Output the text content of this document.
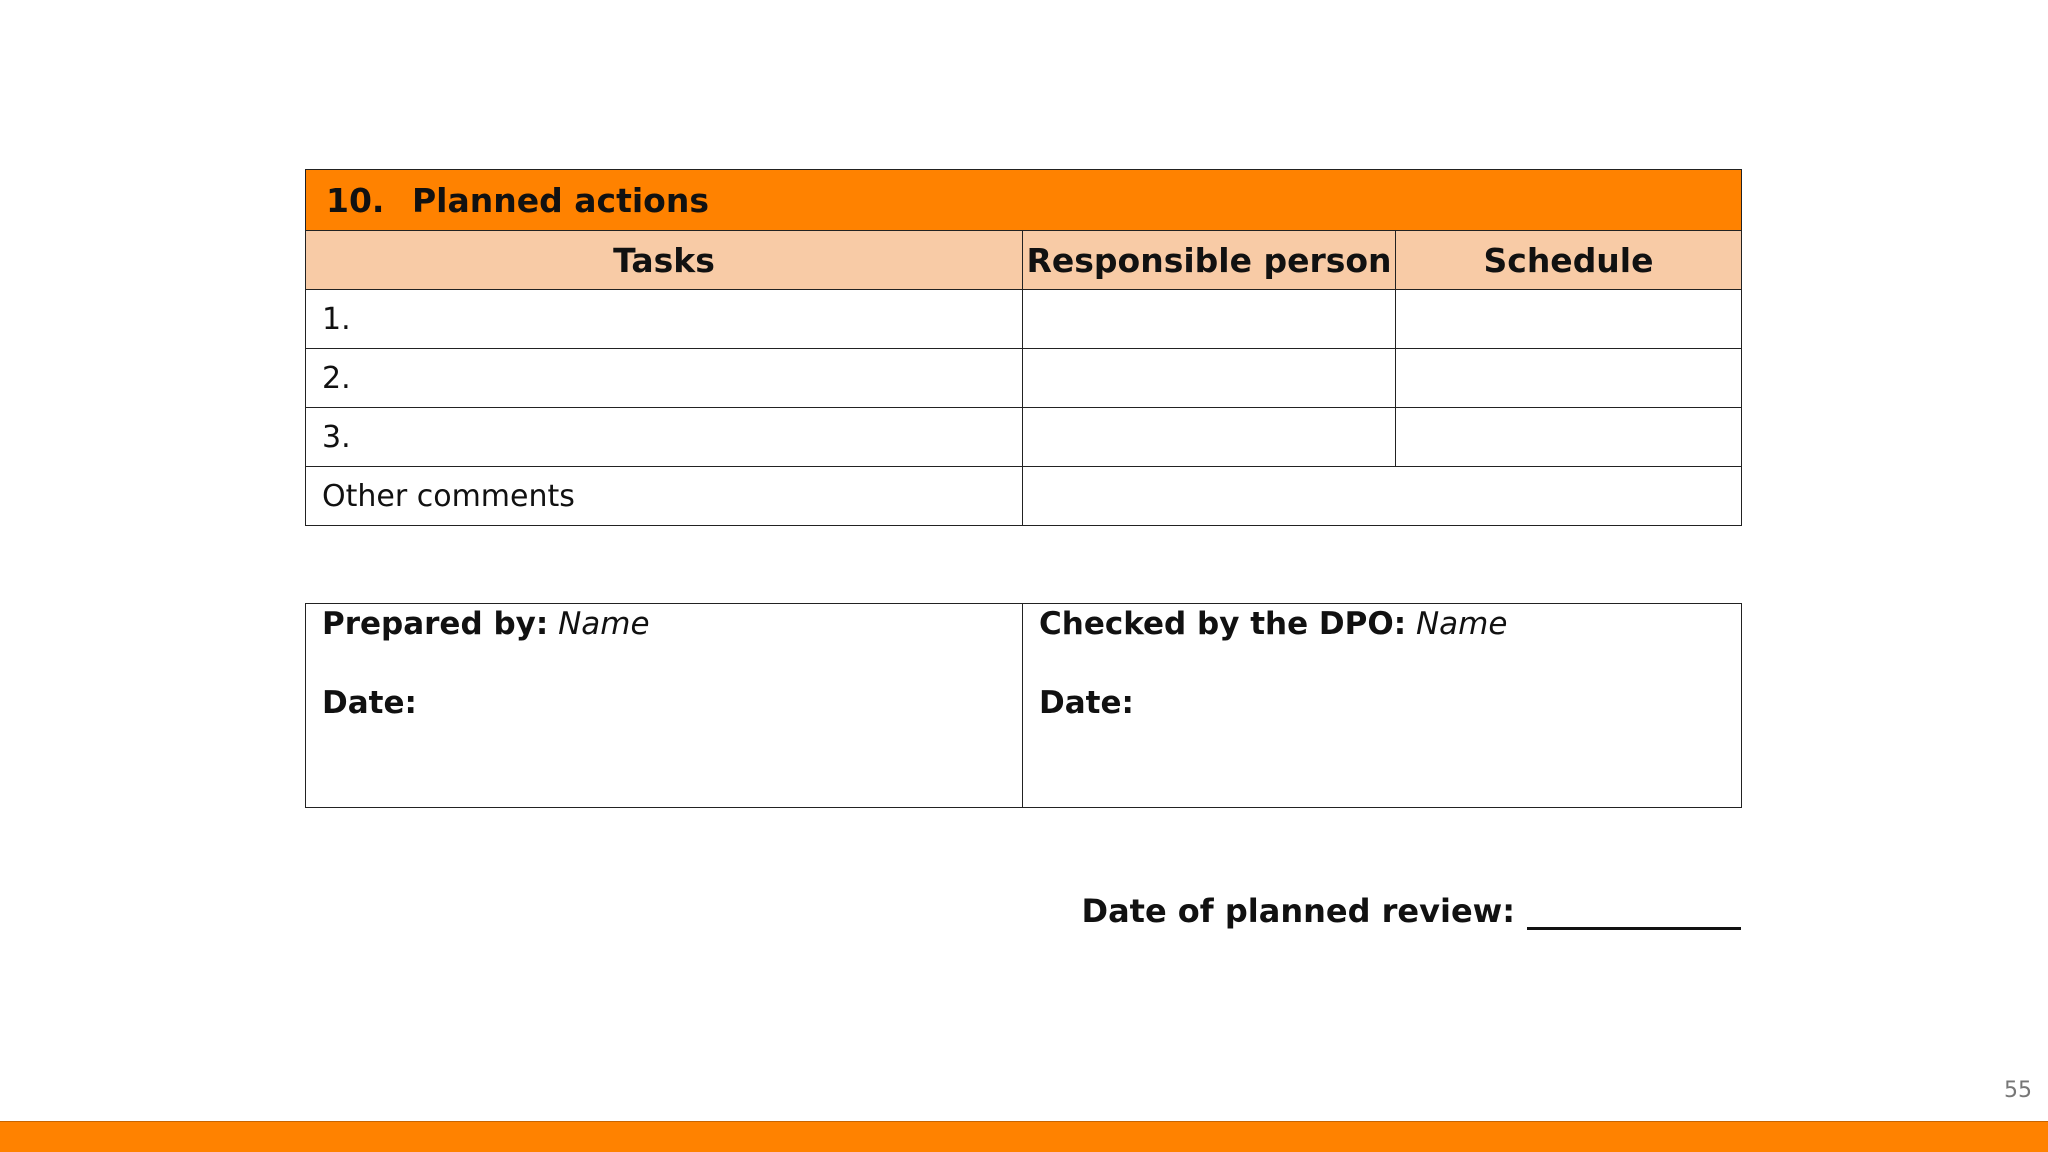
10. Planned actions		
Tasks	Responsible person	Schedule
1.		
2.		
3.		
Other comments		
Prepared by: Name
Date:

Checked by the DPO: Name
Date:
Date of planned review:
55
